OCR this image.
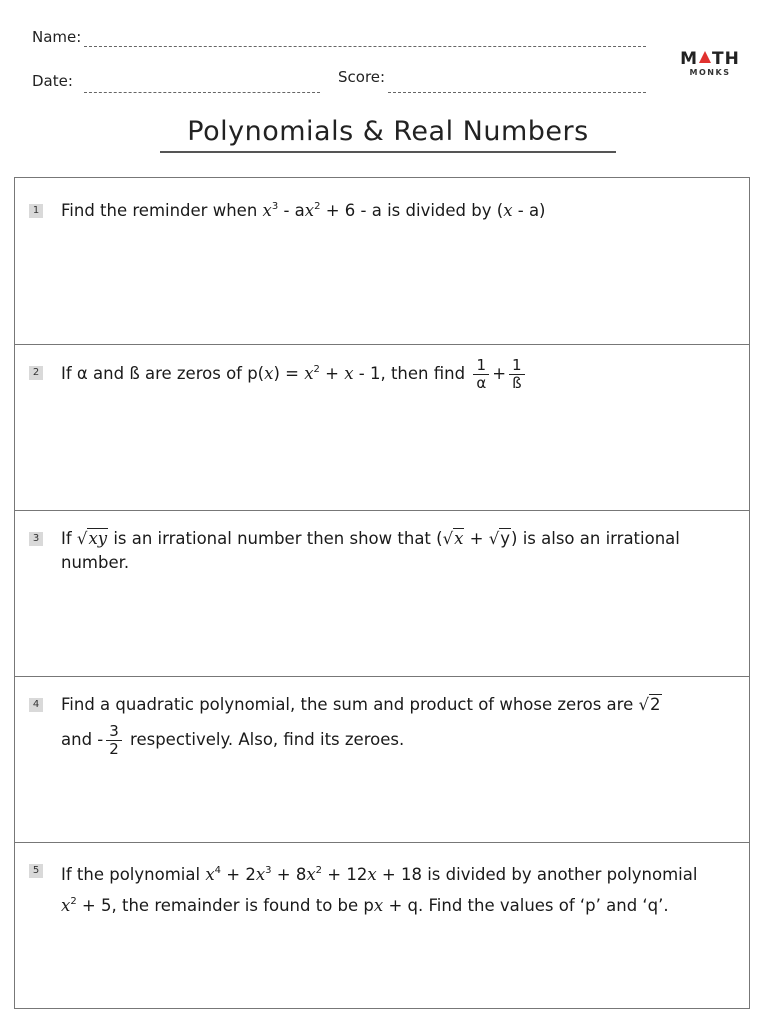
Name:
Date:	Score:
M TH
MONKS
Polynomials & Real Numbers
1 Find the reminder when $x^3 - ax^2 + 6 - a$ is divided by (x - a)
2 If α and ß are zeros of $p(x) = x^2 + x - 1$, then find $\frac{1}{\alpha} + \frac{1}{ß}$
3 If √xy is an irrational number then show that (√x + √y) is also an irrational number.
4 Find a quadratic polynomial, the sum and product of whose zeros are √2
and - $\frac{3}{2}$ respectively. Also, find its zeroes.
5 If the polynomial $x^4 + 2x^3 + 8x^2 + 12x + 18$ is divided by another polynomial
$x^2 + 5$, the remainder is found to be px + q. Find the values of ‘p’ and ‘q’.
